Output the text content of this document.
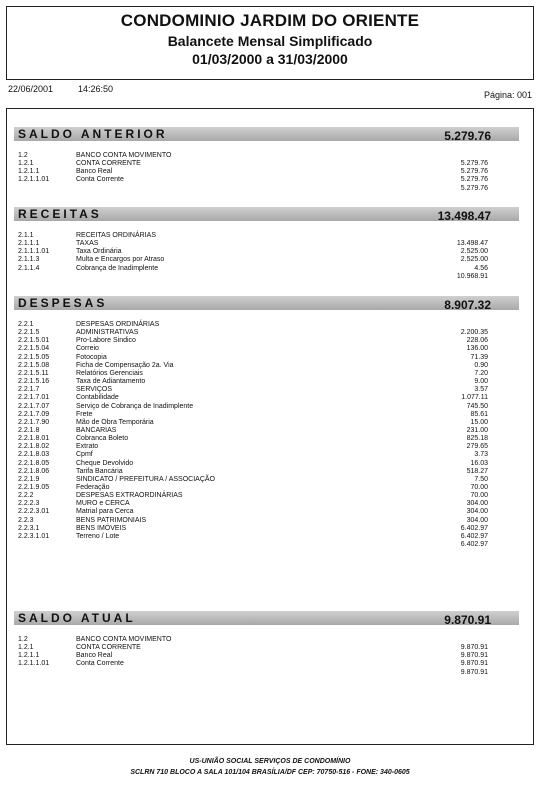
CONDOMINIO JARDIM DO ORIENTE
Balancete Mensal Simplificado
01/03/2000 a 31/03/2000
22/06/2001	14:26:50
Página: 001
SALDO ANTERIOR	5.279.76
1.2	BANCO CONTA MOVIMENTO
1.2.1	CONTA CORRENTE	5.279.76
1.2.1.1	Banco Real	5.279.76
1.2.1.1.01	Conta Corrente	5.279.76
5.279.76
RECEITAS	13.498.47
2.1.1	RECEITAS ORDINÁRIAS
2.1.1.1	TAXAS	13.498.47
2.1.1.1.01	Taxa Ordinária	2.525.00
2.1.1.3	Multa e Encargos por Atraso	2.525.00
2.1.1.4	Cobrança de Inadimplente	4.56
10.968.91
DESPESAS	8.907.32
2.2.1	DESPESAS ORDINÁRIAS
2.2.1.5	ADMINISTRATIVAS	2.200.35
2.2.1.5.01	Pro-Labore Sindico	228.06
2.2.1.5.04	Correio	136.00
2.2.1.5.05	Fotocopia	71.39
2.2.1.5.08	Ficha de Compensação 2a. Via	0.90
2.2.1.5.11	Relatórios Gerenciais	7.20
2.2.1.5.16	Taxa de Adiantamento	9.00
2.2.1.7	SERVIÇOS	3.57
2.2.1.7.01	Contabilidade	1.077.11
2.2.1.7.07	Serviço de Cobrança de Inadimplente	745.50
2.2.1.7.09	Frete	85.61
2.2.1.7.90	Mão de Obra Temporária	15.00
2.2.1.8	BANCARIAS	231.00
2.2.1.8.01	Cobranca Boleto	825.18
2.2.1.8.02	Extrato	279.65
2.2.1.8.03	Cpmf	3.73
2.2.1.8.05	Cheque Devolvido	16.03
2.2.1.8.06	Tarifa Bancária	518.27
2.2.1.9	SINDICATO / PREFEITURA / ASSOCIAÇÃO	7.50
2.2.1.9.05	Federação	70.00
2.2.2	DESPESAS EXTRAORDINÁRIAS	70.00
2.2.2.3	MURO e CERCA	304.00
2.2.2.3.01	Matrial para Cerca	304.00
2.2.3	BENS PATRIMONIAIS	304.00
2.2.3.1	BENS IMÓVEIS	6.402.97
2.2.3.1.01	Terreno / Lote	6.402.97
6.402.97
SALDO ATUAL	9.870.91
1.2	BANCO CONTA MOVIMENTO
1.2.1	CONTA CORRENTE	9.870.91
1.2.1.1	Banco Real	9.870.91
1.2.1.1.01	Conta Corrente	9.870.91
9.870.91
US-UNIÃO SOCIAL SERVIÇOS DE CONDOMÍNIO
SCLRN 710 BLOCO A SALA 101/104 BRASÍLIA/DF CEP: 70750-516 - FONE: 340-0605
